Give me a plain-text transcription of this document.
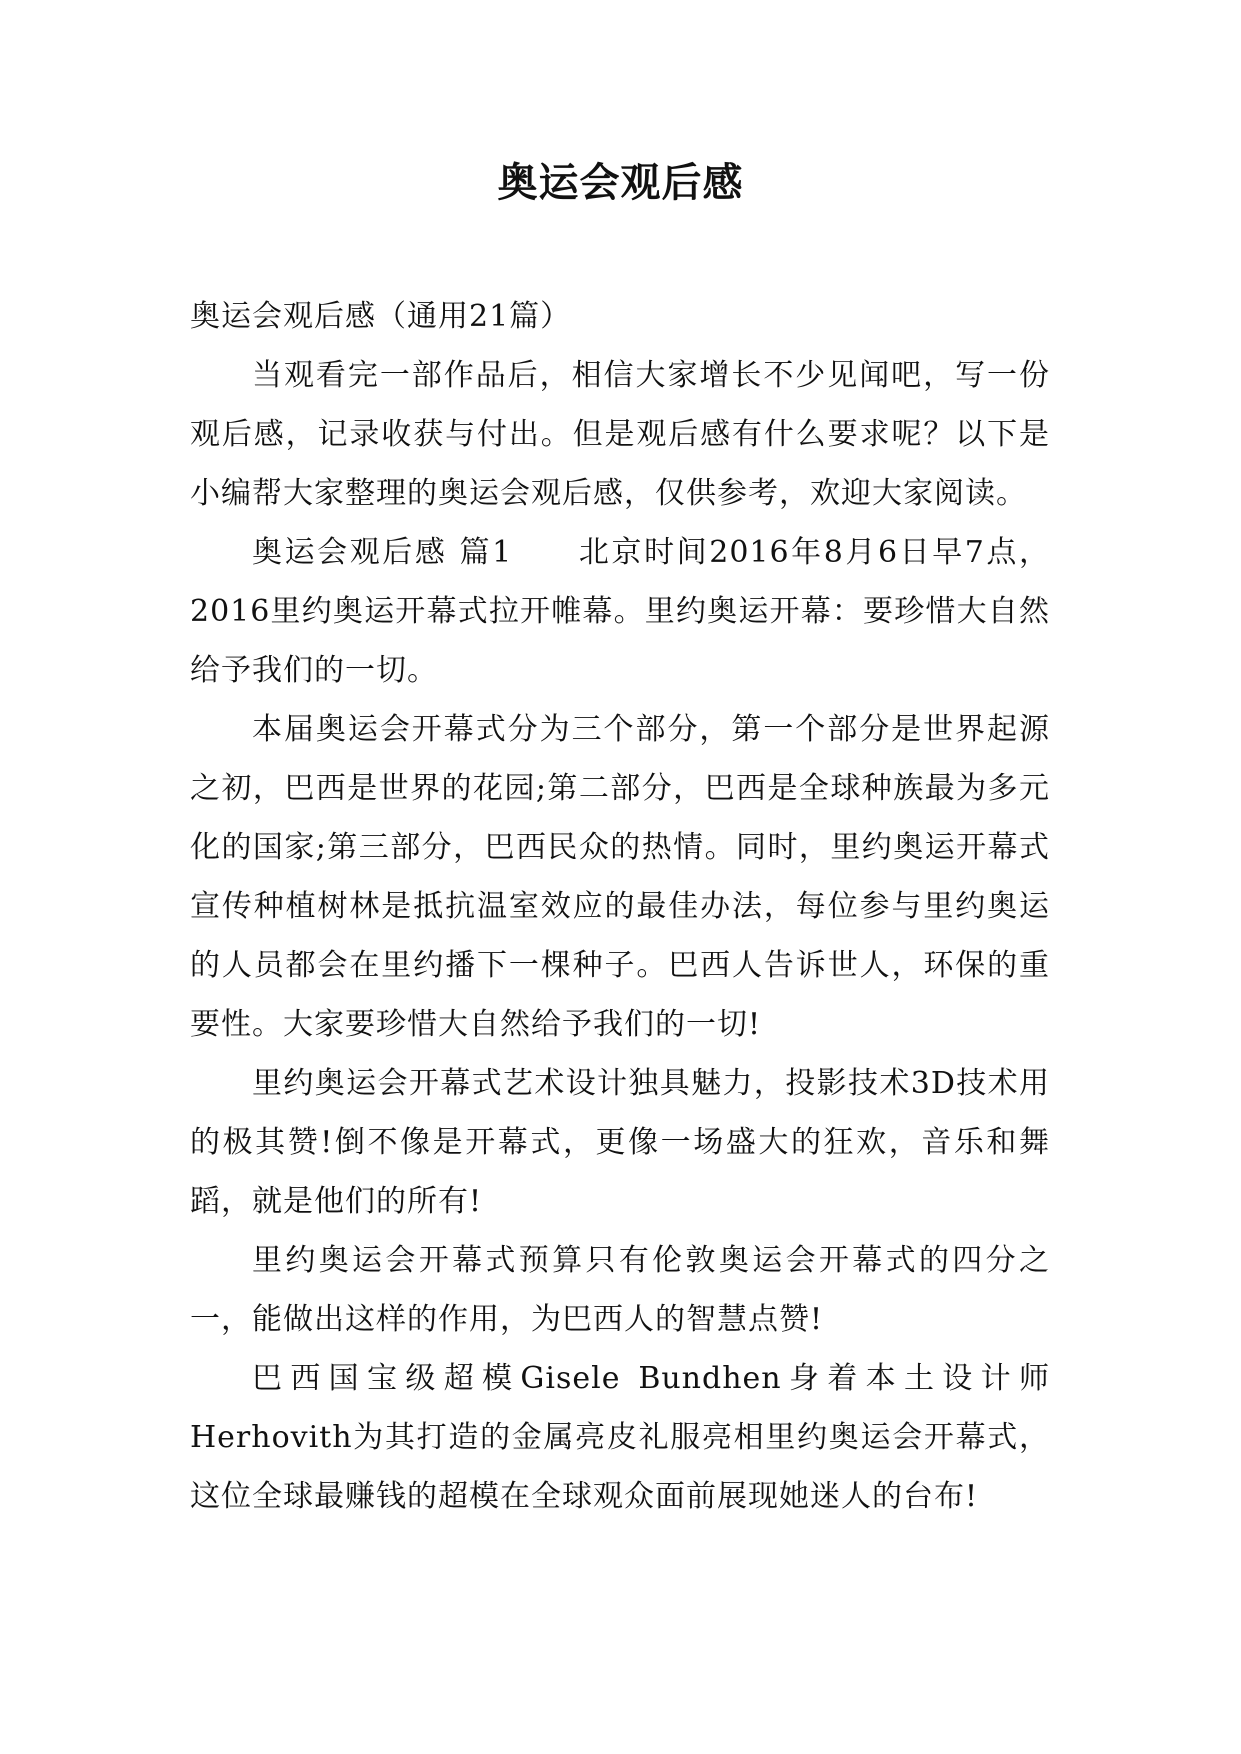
奥运会观后感

奥运会观后感（通用21篇）

当观看完一部作品后，相信大家增长不少见闻吧，写一份观后感，记录收获与付出。但是观后感有什么要求呢？以下是小编帮大家整理的奥运会观后感，仅供参考，欢迎大家阅读。

奥运会观后感 篇1　　北京时间2016年8月6日早7点，2016里约奥运开幕式拉开帷幕。里约奥运开幕：要珍惜大自然给予我们的一切。

本届奥运会开幕式分为三个部分，第一个部分是世界起源之初，巴西是世界的花园;第二部分，巴西是全球种族最为多元化的国家;第三部分，巴西民众的热情。同时，里约奥运开幕式宣传种植树林是抵抗温室效应的最佳办法，每位参与里约奥运的人员都会在里约播下一棵种子。巴西人告诉世人，环保的重要性。大家要珍惜大自然给予我们的一切!

里约奥运会开幕式艺术设计独具魅力，投影技术3D技术用的极其赞!倒不像是开幕式，更像一场盛大的狂欢，音乐和舞蹈，就是他们的所有!

里约奥运会开幕式预算只有伦敦奥运会开幕式的四分之一，能做出这样的作用，为巴西人的智慧点赞!

巴西国宝级超模Gisele Bundhen身着本土设计师Herhovith为其打造的金属亮皮礼服亮相里约奥运会开幕式，这位全球最赚钱的超模在全球观众面前展现她迷人的台布!
